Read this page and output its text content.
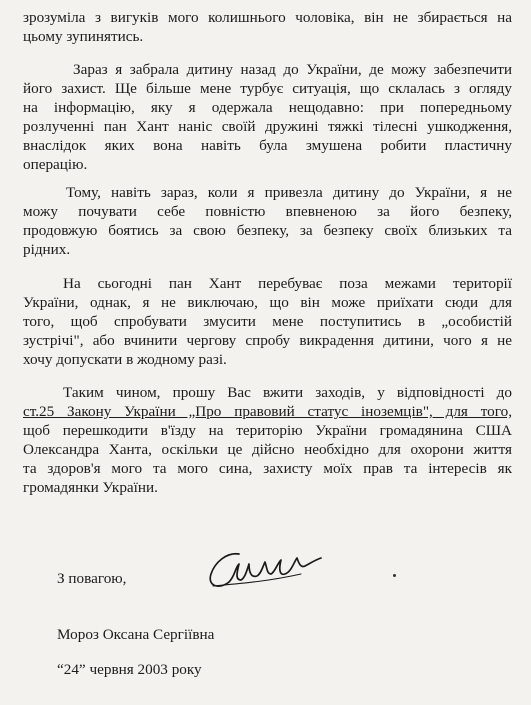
зрозуміла з вигуків мого колишнього чоловіка, він не збирається на
цьому зупинятись.
Зараз я забрала дитину назад до України, де можу забезпечити
його захист. Ще більше мене турбує ситуація, що склалась з огляду
на інформацію, яку я одержала нещодавно: при попередньому
розлученні пан Хант наніс своїй дружині тяжкі тілесні ушкодження,
внаслідок яких вона навіть була змушена робити пластичну
операцію.
Тому, навіть зараз, коли я привезла дитину до України, я не
можу почувати себе повністю впевненою за його безпеку,
продовжую боятись за свою безпеку, за безпеку своїх близьких та
рідних.
На сьогодні пан Хант перебуває поза межами території
України, однак, я не виключаю, що він може приїхати сюди для
того, щоб спробувати змусити мене поступитись в „особистій
зустрічі", або вчинити чергову спробу викрадення дитини, чого я не
хочу допускати в жодному разі.
Таким чином, прошу Вас вжити заходів, у відповідності до
ст.25 Закону України „Про правовий статус іноземців", для того,
щоб перешкодити в'їзду на територію України громадянина США
Олександра Ханта, оскільки це дійсно необхідно для охорони життя
та здоров'я мого та мого сина, захисту моїх прав та інтересів як
громадянки України.
З повагою,
Мороз Оксана Сергіївна
“24” червня 2003 року
